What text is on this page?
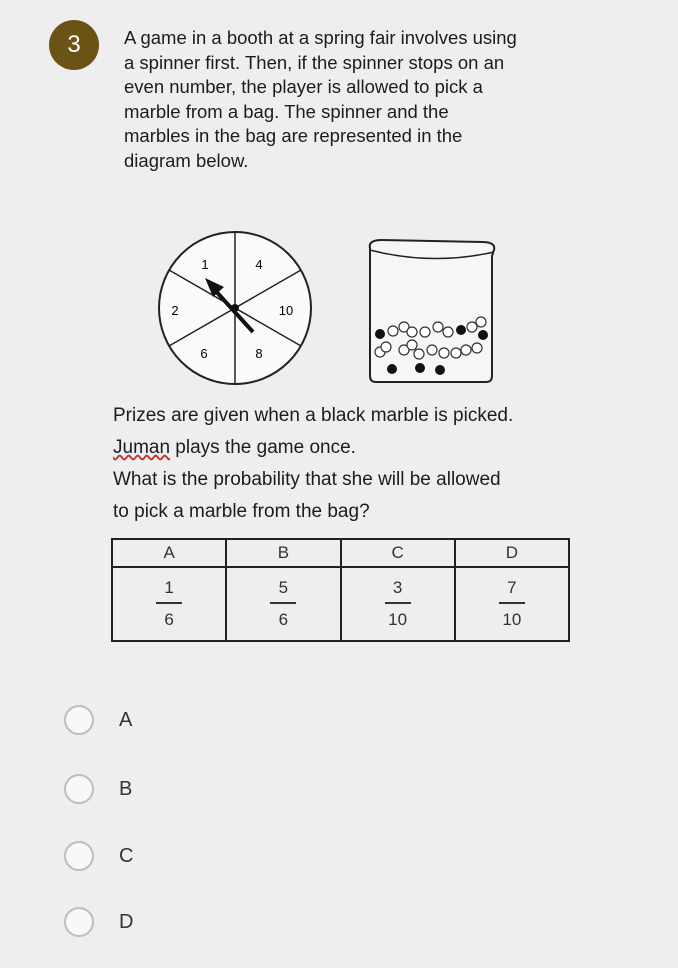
3	A game in a booth at a spring fair involves using
a spinner first. Then, if the spinner stops on an
even number, the player is allowed to pick a
marble from a bag. The spinner and the
marbles in the bag are represented in the
diagram below.
1	4
2	10
6	8
Prizes are given when a black marble is picked.
Juman plays the game once.
What is the probability that she will be allowed
to pick a marble from the bag?
A	B	C	D

$\frac{1}{6}$	$\frac{5}{6}$	$\frac{3}{10}$	$\frac{7}{10}$
A
B
C
D
